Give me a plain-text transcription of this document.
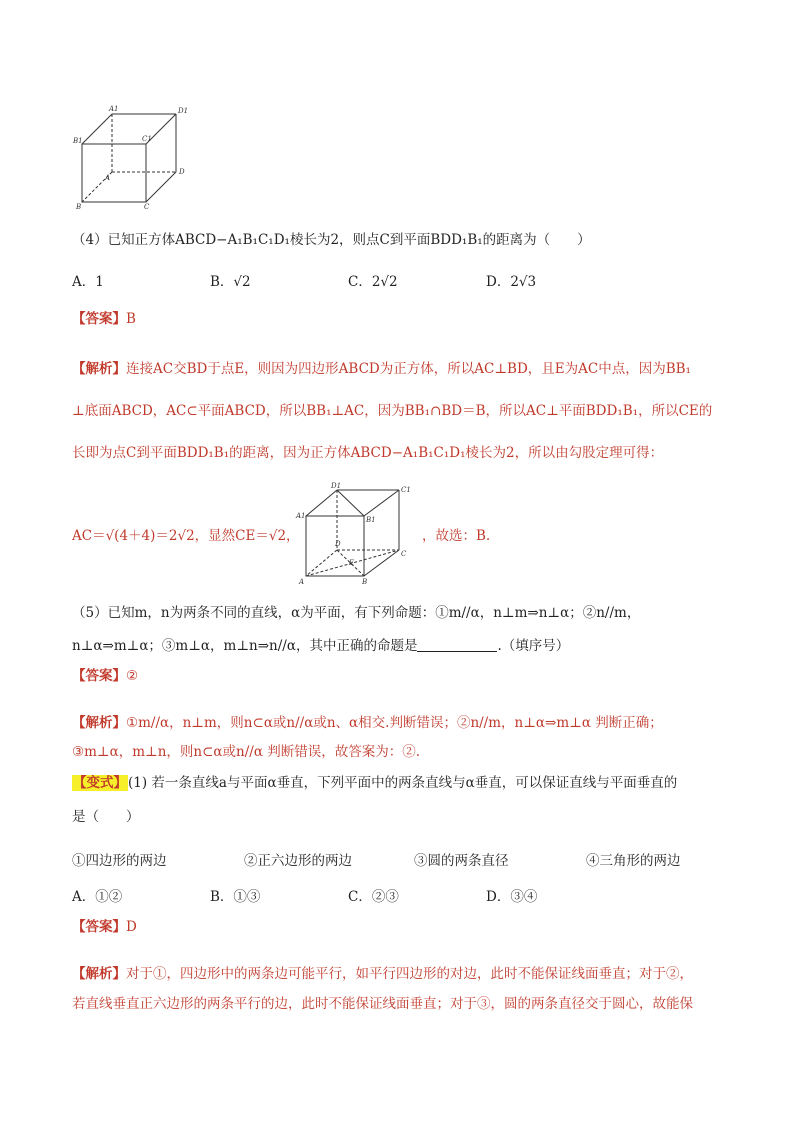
A1	D1
B1	C1
A
D
B	C
（4）已知正方体ABCD−A₁B₁C₁D₁棱长为2，则点C到平面BDD₁B₁的距离为（　　）
A．1	B．√2	C．2√2	D．2√3
【答案】B
【解析】连接AC交BD于点E，则因为四边形ABCD为正方体，所以AC⊥BD，且E为AC中点，因为BB₁
⊥底面ABCD，AC⊂平面ABCD，所以BB₁⊥AC，因为BB₁∩BD＝B，所以AC⊥平面BDD₁B₁，所以CE的
长即为点C到平面BDD₁B₁的距离，因为正方体ABCD−A₁B₁C₁D₁棱长为2，所以由勾股定理可得：
AC＝√(4＋4)＝2√2，显然CE＝√2，
D1	C1
A1	B1
D
E
C
A	B
，故选：B.
（5）已知m，n为两条不同的直线，α为平面，有下列命题：①m//α，n⊥m⇒n⊥α；②n//m，
n⊥α⇒m⊥α；③m⊥α，m⊥n⇒n//α，其中正确的命题是	.（填序号）
【答案】②
【解析】①m//α，n⊥m，则n⊂α或n//α或n、α相交.判断错误；②n//m，n⊥α⇒m⊥α 判断正确；
③m⊥α，m⊥n，则n⊂α或n//α 判断错误，故答案为：②.
【变式】(1) 若一条直线a与平面α垂直，下列平面中的两条直线与α垂直，可以保证直线与平面垂直的
是（　　）
①四边形的两边	②正六边形的两边	③圆的两条直径	④三角形的两边
A．①②	B．①③	C．②③	D．③④
【答案】D
【解析】对于①，四边形中的两条边可能平行，如平行四边形的对边，此时不能保证线面垂直；对于②，
若直线垂直正六边形的两条平行的边，此时不能保证线面垂直；对于③，圆的两条直径交于圆心，故能保
